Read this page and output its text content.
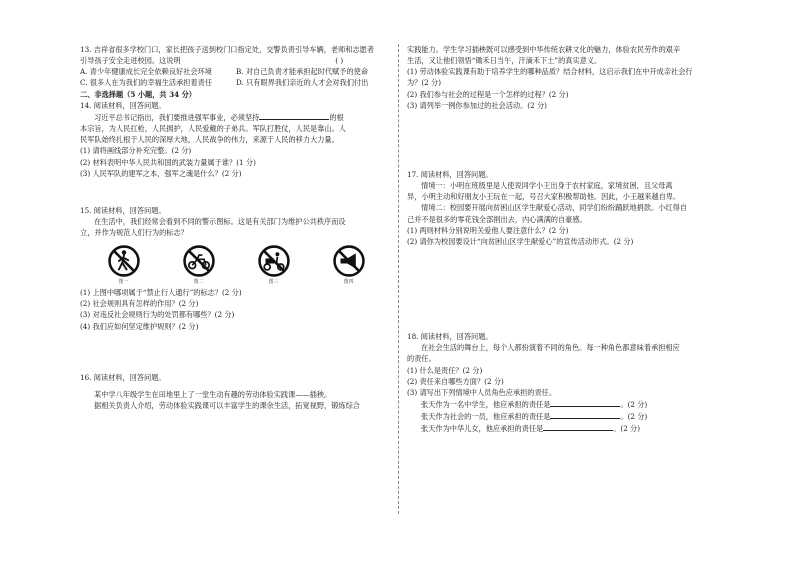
13. 吉祥省很多学校门口，家长把孩子送到校门口指定处，交警负责引导车辆，老师和志愿者
引导孩子安全走进校园。这说明	( )
A. 青少年健康成长完全依赖良好社会环境	B. 对自己负责才能承担起时代赋予的使命
C. 很多人在为我们的幸福生活承担着责任	D. 只有眼界我们亲近的人才会对我们付出
二、非选择题（5 小题，共 34 分）
14. 阅读材料，回答问题。
习近平总书记指出，我们要推进强军事业，必须坚持	的根
本宗旨，为人民扛枪，人民拥护，人民爱戴的子弟兵。军队打胜仗，人民是靠山。人
民军队始终扎根于人民的深厚大地，人民战争的伟力，来源于人民的移力大力量。
(1) 请将画线部分补充完整。(2 分)
(2) 材料表明中华人民共和国的武装力量属于谁？(1 分)
(3) 人民军队的建军之本，强军之魂是什么？(2 分)
15. 阅读材料，回答问题。
在生活中，我们经常会看到不同的警示图标。这是有关部门为维护公共秩序而设
立，并作为规范人们行为的标志？
图一	图二	图三	图四
(1) 上图中哪项属于“禁止行人通行”的标志？(2 分)
(2) 社会规则具有怎样的作用？(2 分)
(3) 对违反社会规则行为的处罚都有哪些？(2 分)
(4) 我们应如何坚定维护规则？(2 分)
16. 阅读材料，回答问题。
某中学八年级学生在田地里上了一堂生动有趣的劳动体验实践课——插秧。
据相关负责人介绍，劳动体验实践课可以丰富学生的课余生活，拓宽视野，锻炼综合
实践能力。学生学习插秧既可以感受到中华传统农耕文化的魅力，体验农民劳作的艰辛
生活，又让他们领悟“锄禾日当午，汗滴禾下土”的真实意义。
(1) 劳动体验实践课有助于培养学生的哪种品质？结合材料，这启示我们在中开成亲社会行
为？(2 分)
(2) 我们参与社会的过程是一个怎样的过程？(2 分)
(3) 请列举一例你参加过的社会活动。(2 分)
17. 阅读材料，回答问题。
情境一：小明在班级里是人使说同学小王出身于农村家庭，家境贫困，且父母离
异，小明主动和好朋友小王玩在一起，号召大家积极帮助他。因此，小王越来越自卑。
情境二：校园要开展向贫困山区学生献爱心活动，同学们纷纷踊跃地捐款。小红得自
己并不是很多的零花钱全部捐出去，内心满满的自豪感。
(1) 两则材料分别说明关爱他人要注意什么？(2 分)
(2) 请你为校园要设计“向贫困山区学生献爱心”的宣传活动形式。(2 分)
18. 阅读材料，回答问题。
在社会生活的舞台上，每个人都扮演着不同的角色。每一种角色都意味着承担相应
的责任。
(1) 什么是责任？(2 分)
(2) 责任来自哪些方面？(2 分)
(3) 请写出下列情境中人员角色应承担的责任。
张天作为一名中学生，他应承担的责任是	。(2 分)
张天作为社会的一员，他应承担的责任是	。(2 分)
张天作为中华儿女，他应承担的责任是	。(2 分)
